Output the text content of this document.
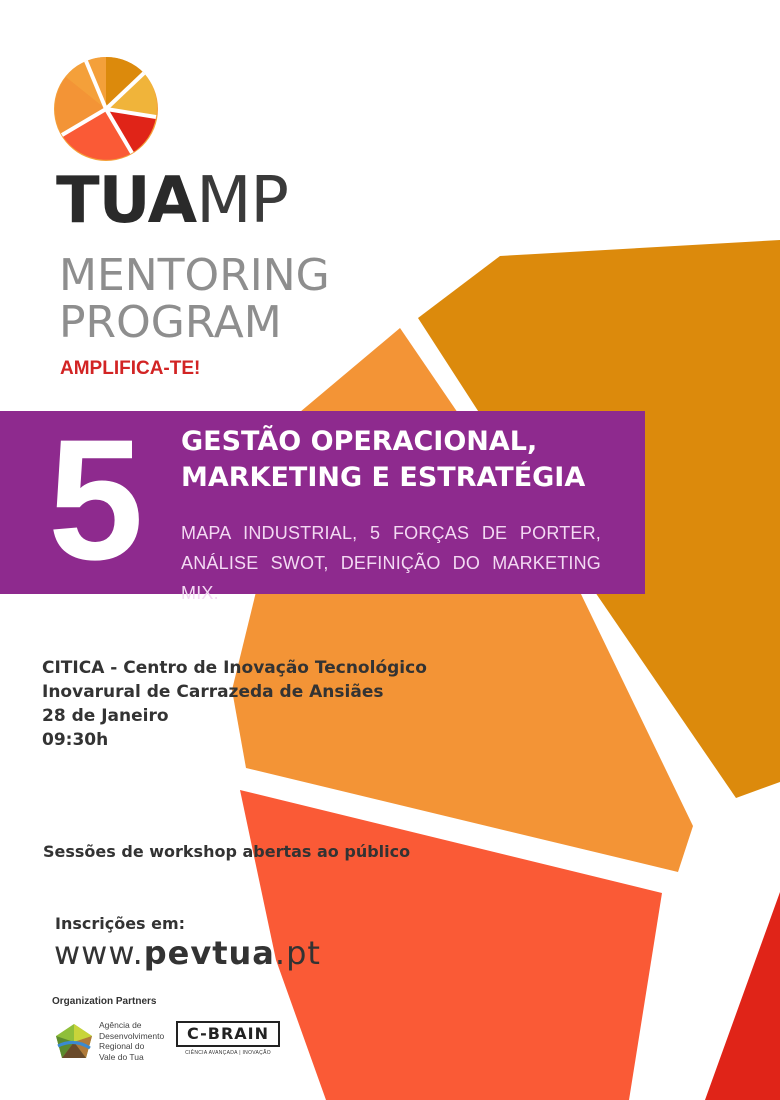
TUAMP
MENTORING
PROGRAM
AMPLIFICA-TE!
5 GESTÃO OPERACIONAL,
MARKETING E ESTRATÉGIA
MAPA INDUSTRIAL, 5 FORÇAS DE PORTER, ANÁLISE SWOT, DEFINIÇÃO DO MARKETING MIX.
CITICA - Centro de Inovação Tecnológico
Inovarural de Carrazeda de Ansiães
28 de Janeiro
09:30h
Sessões de workshop abertas ao público
Inscrições em:
www.pevtua.pt
Organization Partners
Agência de
Desenvolvimento
Regional do
Vale do Tua
C-BRAIN
CIÊNCIA AVANÇADA | INOVAÇÃO
